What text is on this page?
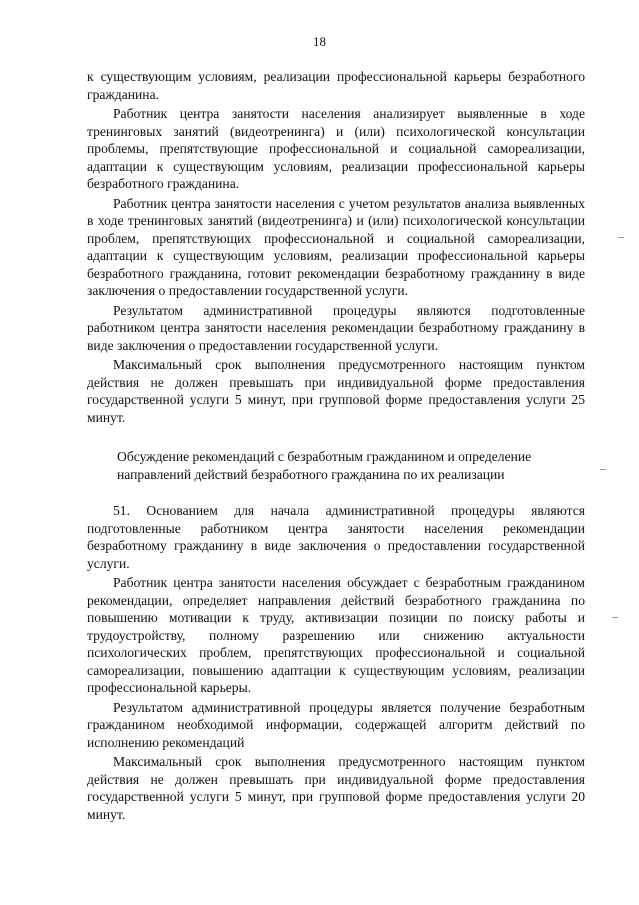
18

к существующим условиям, реализации профессиональной карьеры безработного гражданина.

Работник центра занятости населения анализирует выявленные в ходе тренинговых занятий (видеотренинга) и (или) психологической консультации проблемы, препятствующие профессиональной и социальной самореализации, адаптации к существующим условиям, реализации профессиональной карьеры безработного гражданина.

Работник центра занятости населения с учетом результатов анализа выявленных в ходе тренинговых занятий (видеотренинга) и (или) психологической консультации проблем, препятствующих профессиональной и социальной самореализации, адаптации к существующим условиям, реализации профессиональной карьеры безработного гражданина, готовит рекомендации безработному гражданину в виде заключения о предоставлении государственной услуги.

Результатом административной процедуры являются подготовленные работником центра занятости населения рекомендации безработному гражданину в виде заключения о предоставлении государственной услуги.

Максимальный срок выполнения предусмотренного настоящим пунктом действия не должен превышать при индивидуальной форме предоставления государственной услуги 5 минут, при групповой форме предоставления услуги 25 минут.

Обсуждение рекомендаций с безработным гражданином и определение
направлений действий безработного гражданина по их реализации

51. Основанием для начала административной процедуры являются подготовленные работником центра занятости населения рекомендации безработному гражданину в виде заключения о предоставлении государственной услуги.

Работник центра занятости населения обсуждает с безработным гражданином рекомендации, определяет направления действий безработного гражданина по повышению мотивации к труду, активизации позиции по поиску работы и трудоустройству, полному разрешению или снижению актуальности психологических проблем, препятствующих профессиональной и социальной самореализации, повышению адаптации к существующим условиям, реализации профессиональной карьеры.

Результатом административной процедуры является получение безработным гражданином необходимой информации, содержащей алгоритм действий по исполнению рекомендаций

Максимальный срок выполнения предусмотренного настоящим пунктом действия не должен превышать при индивидуальной форме предоставления государственной услуги 5 минут, при групповой форме предоставления услуги 20 минут.
